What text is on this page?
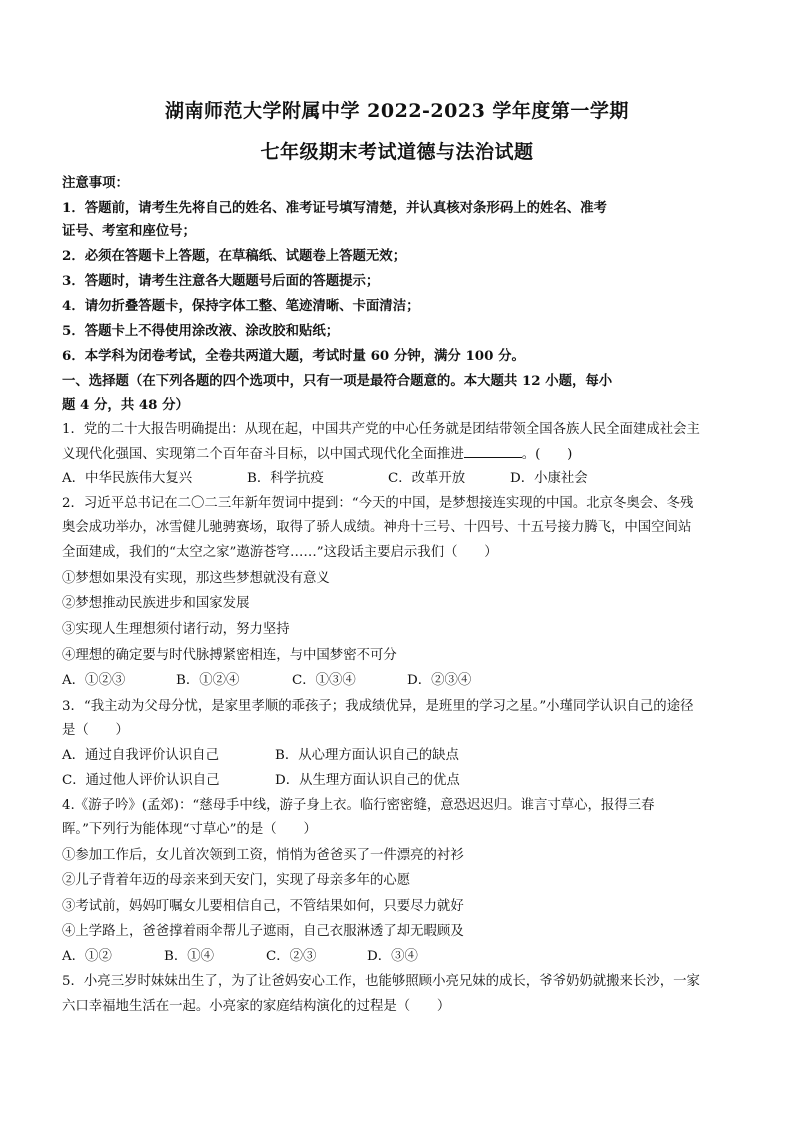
湖南师范大学附属中学 2022-2023 学年度第一学期
七年级期末考试道德与法治试题
注意事项：
1．答题前，请考生先将自己的姓名、准考证号填写清楚，并认真核对条形码上的姓名、准考
证号、考室和座位号；
2．必须在答题卡上答题，在草稿纸、试题卷上答题无效；
3．答题时，请考生注意各大题题号后面的答题提示；
4．请勿折叠答题卡，保持字体工整、笔迹清晰、卡面清洁；
5．答题卡上不得使用涂改液、涂改胶和贴纸；
6．本学科为闭卷考试，全卷共两道大题，考试时量 60 分钟，满分 100 分。
一、选择题（在下列各题的四个选项中，只有一项是最符合题意的。本大题共 12 小题，每小
题 4 分，共 48 分）
1．党的二十大报告明确提出：从现在起，中国共产党的中心任务就是团结带领全国各族人民全面建成社会主
义现代化强国、实现第二个百年奋斗目标，以中国式现代化全面推进	。(　　)
A．中华民族伟大复兴	B．科学抗疫	C．改革开放	D．小康社会
2．习近平总书记在二〇二三年新年贺词中提到：“今天的中国，是梦想接连实现的中国。北京冬奥会、冬残
奥会成功举办，冰雪健儿驰骋赛场，取得了骄人成绩。神舟十三号、十四号、十五号接力腾飞，中国空间站
全面建成，我们的“太空之家”遨游苍穹……”这段话主要启示我们（　　）
①梦想如果没有实现，那这些梦想就没有意义
②梦想推动民族进步和国家发展
③实现人生理想须付诸行动，努力坚持
④理想的确定要与时代脉搏紧密相连，与中国梦密不可分
A．①②③	B．①②④	C．①③④	D．②③④
3．“我主动为父母分忧，是家里孝顺的乖孩子；我成绩优异，是班里的学习之星。”小瑾同学认识自己的途径
是（　　）
A．通过自我评价认识自己	B．从心理方面认识自己的缺点
C．通过他人评价认识自己	D．从生理方面认识自己的优点
4.《游子吟》(孟郊)：“慈母手中线，游子身上衣。临行密密缝，意恐迟迟归。谁言寸草心，报得三春
晖。”下列行为能体现“寸草心”的是（　　）
①参加工作后，女儿首次领到工资，悄悄为爸爸买了一件漂亮的衬衫
②儿子背着年迈的母亲来到天安门，实现了母亲多年的心愿
③考试前，妈妈叮嘱女儿要相信自己，不管结果如何，只要尽力就好
④上学路上，爸爸撑着雨伞帮儿子遮雨，自己衣服淋透了却无暇顾及
A．①②	B．①④	C．②③	D．③④
5．小亮三岁时妹妹出生了，为了让爸妈安心工作，也能够照顾小亮兄妹的成长，爷爷奶奶就搬来长沙，一家
六口幸福地生活在一起。小亮家的家庭结构演化的过程是（　　）
